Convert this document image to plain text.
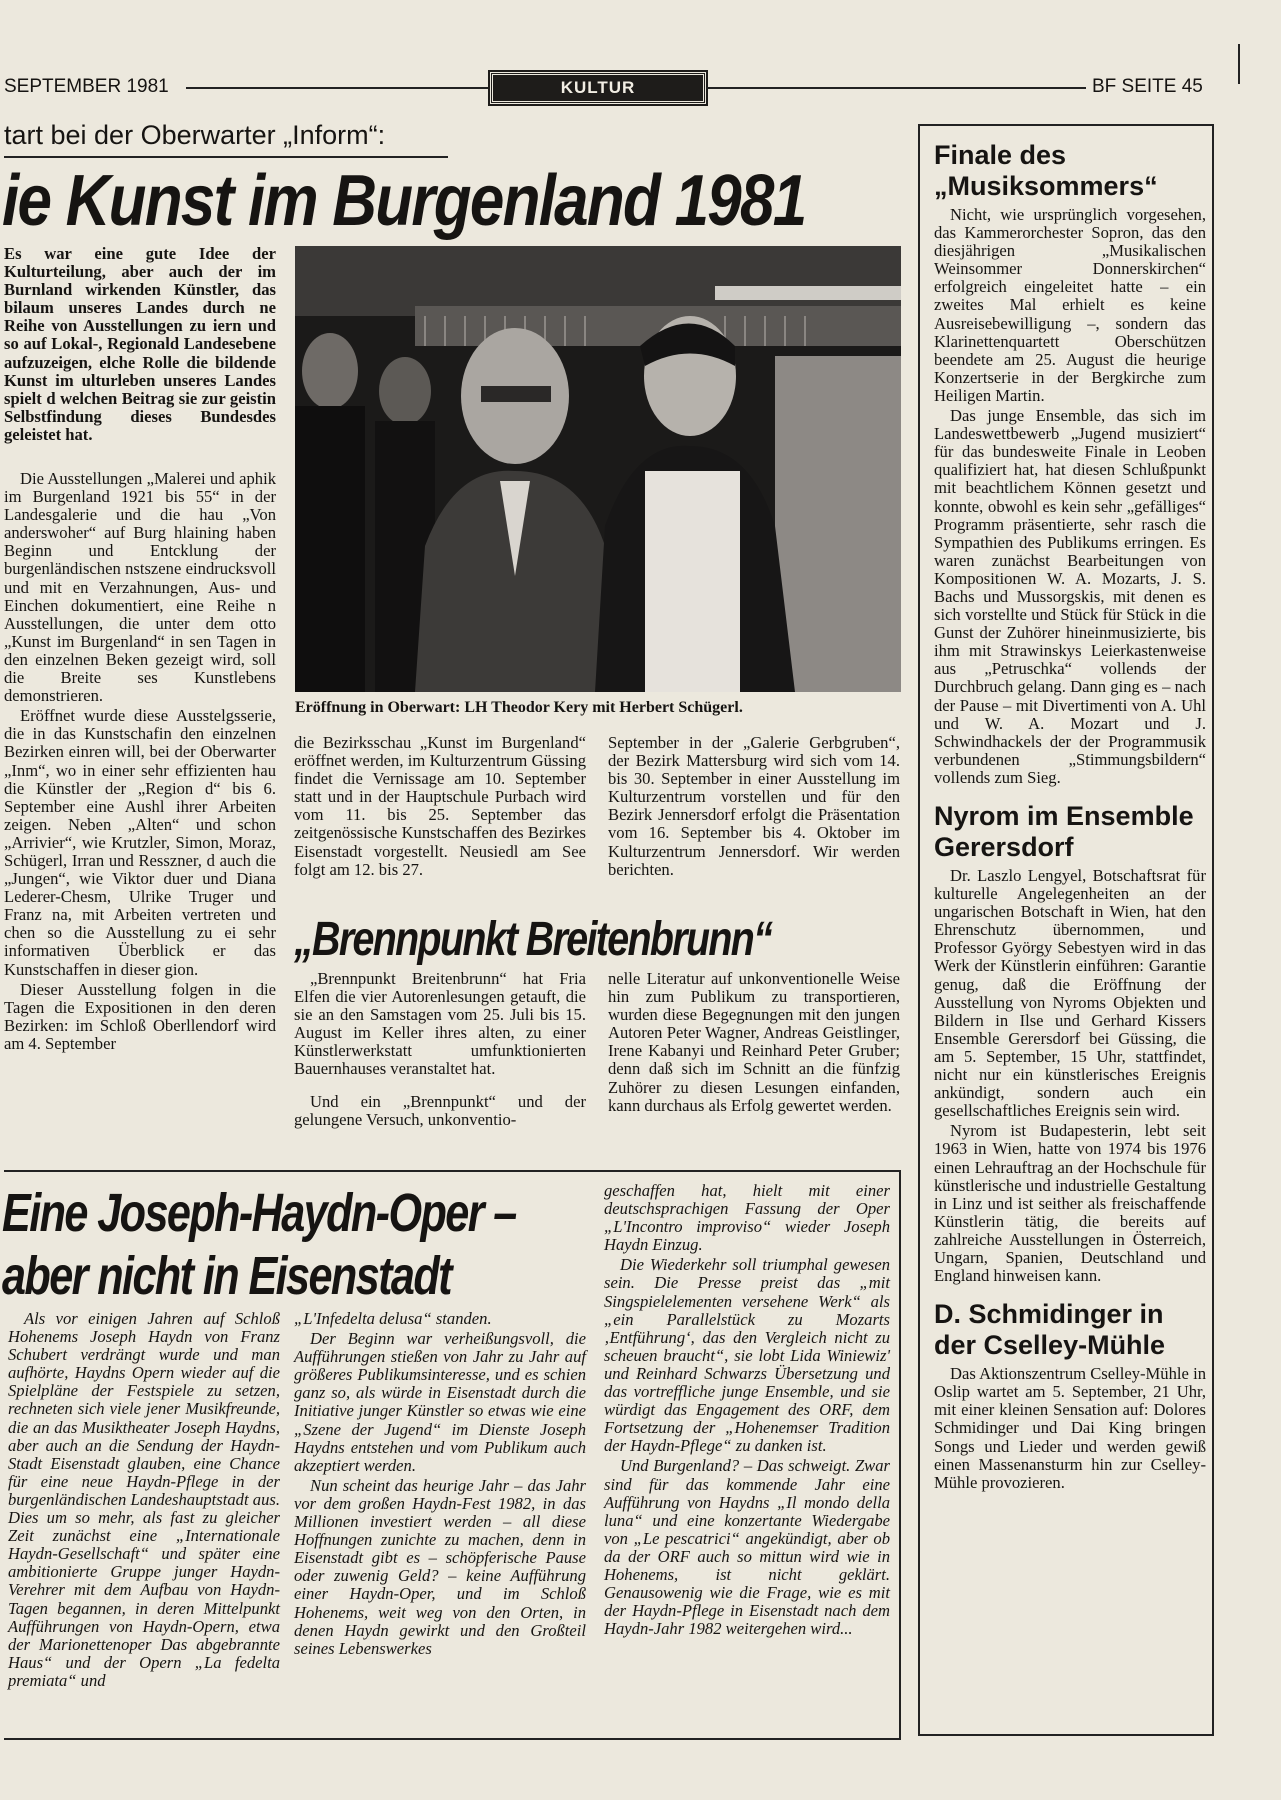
SEPTEMBER 1981	KULTUR	BF SEITE 45
tart bei der Oberwarter „Inform“:
ie Kunst im Burgenland 1981

Es war eine gute Idee der Kulturteilung, aber auch der im Burnland wirkenden Künstler, das bilaum unseres Landes durch ne Reihe von Ausstellungen zu iern und so auf Lokal-, Regionald Landesebene aufzuzeigen, elche Rolle die bildende Kunst im ulturleben unseres Landes spielt d welchen Beitrag sie zur geistin Selbstfindung dieses Bundesdes geleistet hat.

Die Ausstellungen „Malerei und aphik im Burgenland 1921 bis 55“ in der Landesgalerie und die hau „Von anderswoher“ auf Burg hlaining haben Beginn und Entcklung der burgenländischen nstszene eindrucksvoll und mit en Verzahnungen, Aus- und Einchen dokumentiert, eine Reihe n Ausstellungen, die unter dem otto „Kunst im Burgenland“ in sen Tagen in den einzelnen Beken gezeigt wird, soll die Breite ses Kunstlebens demonstrieren.

Eröffnet wurde diese Ausstelgsserie, die in das Kunstschafin den einzelnen Bezirken einren will, bei der Oberwarter „Inm“, wo in einer sehr effizienten hau die Künstler der „Region d“ bis 6. September eine Aushl ihrer Arbeiten zeigen. Neben „Alten“ und schon „Arrivier“, wie Krutzler, Simon, Moraz, Schügerl, Irran und Resszner, d auch die „Jungen“, wie Viktor duer und Diana Lederer-Chesm, Ulrike Truger und Franz na, mit Arbeiten vertreten und chen so die Ausstellung zu ei sehr informativen Überblick er das Kunstschaffen in dieser gion.

Dieser Ausstellung folgen in die Tagen die Expositionen in den deren Bezirken: im Schloß Oberllendorf wird am 4. September

Eröffnung in Oberwart: LH Theodor Kery mit Herbert Schügerl.

die Bezirksschau „Kunst im Burgenland“ eröffnet werden, im Kulturzentrum Güssing findet die Vernissage am 10. September statt und in der Hauptschule Purbach wird vom 11. bis 25. September das zeitgenössische Kunstschaffen des Bezirkes Eisenstadt vorgestellt. Neusiedl am See folgt am 12. bis 27.

September in der „Galerie Gerbgruben“, der Bezirk Mattersburg wird sich vom 14. bis 30. September in einer Ausstellung im Kulturzentrum vorstellen und für den Bezirk Jennersdorf erfolgt die Präsentation vom 16. September bis 4. Oktober im Kulturzentrum Jennersdorf. Wir werden berichten.

„Brennpunkt Breitenbrunn“

„Brennpunkt Breitenbrunn“ hat Fria Elfen die vier Autorenlesungen getauft, die sie an den Samstagen vom 25. Juli bis 15. August im Keller ihres alten, zu einer Künstlerwerkstatt umfunktionierten Bauernhauses veranstaltet hat.

Und ein „Brennpunkt“ und der gelungene Versuch, unkonventio-

nelle Literatur auf unkonventionelle Weise hin zum Publikum zu transportieren, wurden diese Begegnungen mit den jungen Autoren Peter Wagner, Andreas Geistlinger, Irene Kabanyi und Reinhard Peter Gruber; denn daß sich im Schnitt an die fünfzig Zuhörer zu diesen Lesungen einfanden, kann durchaus als Erfolg gewertet werden.

Eine Joseph-Haydn-Oper –
aber nicht in Eisenstadt

Als vor einigen Jahren auf Schloß Hohenems Joseph Haydn von Franz Schubert verdrängt wurde und man aufhörte, Haydns Opern wieder auf die Spielpläne der Festspiele zu setzen, rechneten sich viele jener Musikfreunde, die an das Musiktheater Joseph Haydns, aber auch an die Sendung der Haydn-Stadt Eisenstadt glauben, eine Chance für eine neue Haydn-Pflege in der burgenländischen Landeshauptstadt aus. Dies um so mehr, als fast zu gleicher Zeit zunächst eine „Internationale Haydn-Gesellschaft“ und später eine ambitionierte Gruppe junger Haydn-Verehrer mit dem Aufbau von Haydn-Tagen begannen, in deren Mittelpunkt Aufführungen von Haydn-Opern, etwa der Marionettenoper Das abgebrannte Haus“ und der Opern „La fedelta premiata“ und

„L'Infedelta delusa“ standen.

Der Beginn war verheißungsvoll, die Aufführungen stießen von Jahr zu Jahr auf größeres Publikumsinteresse, und es schien ganz so, als würde in Eisenstadt durch die Initiative junger Künstler so etwas wie eine „Szene der Jugend“ im Dienste Joseph Haydns entstehen und vom Publikum auch akzeptiert werden.

Nun scheint das heurige Jahr – das Jahr vor dem großen Haydn-Fest 1982, in das Millionen investiert werden – all diese Hoffnungen zunichte zu machen, denn in Eisenstadt gibt es – schöpferische Pause oder zuwenig Geld? – keine Aufführung einer Haydn-Oper, und im Schloß Hohenems, weit weg von den Orten, in denen Haydn gewirkt und den Großteil seines Lebenswerkes

geschaffen hat, hielt mit einer deutschsprachigen Fassung der Oper „L'Incontro improviso“ wieder Joseph Haydn Einzug.

Die Wiederkehr soll triumphal gewesen sein. Die Presse preist das „mit Singspielelementen versehene Werk“ als „ein Parallelstück zu Mozarts ‚Entführung‘, das den Vergleich nicht zu scheuen braucht“, sie lobt Lida Winiewiz' und Reinhard Schwarzs Übersetzung und das vortreffliche junge Ensemble, und sie würdigt das Engagement des ORF, dem Fortsetzung der „Hohenemser Tradition der Haydn-Pflege“ zu danken ist.

Und Burgenland? – Das schweigt. Zwar sind für das kommende Jahr eine Aufführung von Haydns „Il mondo della luna“ und eine konzertante Wiedergabe von „Le pescatrici“ angekündigt, aber ob da der ORF auch so mittun wird wie in Hohenems, ist nicht geklärt. Genausowenig wie die Frage, wie es mit der Haydn-Pflege in Eisenstadt nach dem Haydn-Jahr 1982 weitergehen wird...

Finale des „Musiksommers“

Nicht, wie ursprünglich vorgesehen, das Kammerorchester Sopron, das den diesjährigen „Musikalischen Weinsommer Donnerskirchen“ erfolgreich eingeleitet hatte – ein zweites Mal erhielt es keine Ausreisebewilligung –, sondern das Klarinettenquartett Oberschützen beendete am 25. August die heurige Konzertserie in der Bergkirche zum Heiligen Martin.

Das junge Ensemble, das sich im Landeswettbewerb „Jugend musiziert“ für das bundesweite Finale in Leoben qualifiziert hat, hat diesen Schlußpunkt mit beachtlichem Können gesetzt und konnte, obwohl es kein sehr „gefälliges“ Programm präsentierte, sehr rasch die Sympathien des Publikums erringen. Es waren zunächst Bearbeitungen von Kompositionen W. A. Mozarts, J. S. Bachs und Mussorgskis, mit denen es sich vorstellte und Stück für Stück in die Gunst der Zuhörer hineinmusizierte, bis ihm mit Strawinskys Leierkastenweise aus „Petruschka“ vollends der Durchbruch gelang. Dann ging es – nach der Pause – mit Divertimenti von A. Uhl und W. A. Mozart und J. Schwindhackels der der Programmusik verbundenen „Stimmungsbildern“ vollends zum Sieg.

Nyrom im Ensemble Gerersdorf

Dr. Laszlo Lengyel, Botschaftsrat für kulturelle Angelegenheiten an der ungarischen Botschaft in Wien, hat den Ehrenschutz übernommen, und Professor György Sebestyen wird in das Werk der Künstlerin einführen: Garantie genug, daß die Eröffnung der Ausstellung von Nyroms Objekten und Bildern in Ilse und Gerhard Kissers Ensemble Gerersdorf bei Güssing, die am 5. September, 15 Uhr, stattfindet, nicht nur ein künstlerisches Ereignis ankündigt, sondern auch ein gesellschaftliches Ereignis sein wird.

Nyrom ist Budapesterin, lebt seit 1963 in Wien, hatte von 1974 bis 1976 einen Lehrauftrag an der Hochschule für künstlerische und industrielle Gestaltung in Linz und ist seither als freischaffende Künstlerin tätig, die bereits auf zahlreiche Ausstellungen in Österreich, Ungarn, Spanien, Deutschland und England hinweisen kann.

D. Schmidinger in der Cselley-Mühle

Das Aktionszentrum Cselley-Mühle in Oslip wartet am 5. September, 21 Uhr, mit einer kleinen Sensation auf: Dolores Schmidinger und Dai King bringen Songs und Lieder und werden gewiß einen Massenansturm hin zur Cselley-Mühle provozieren.
